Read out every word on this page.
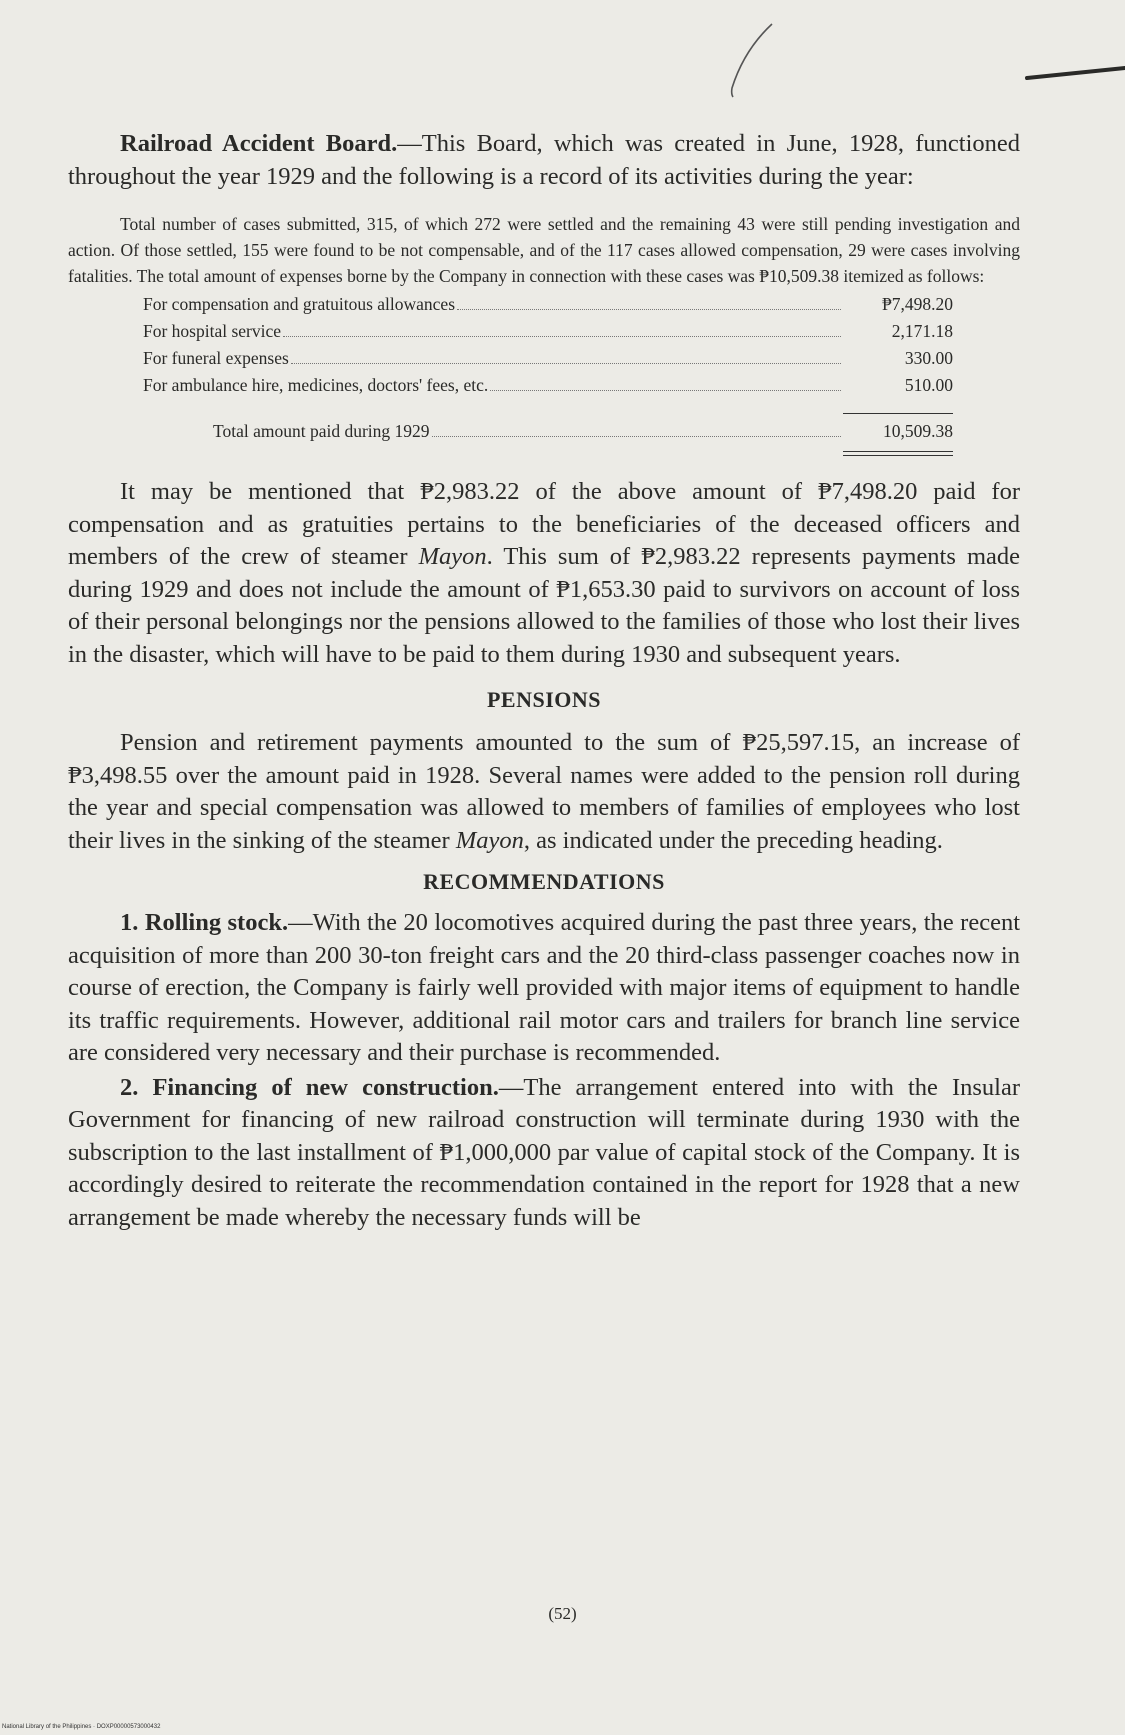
Railroad Accident Board.—This Board, which was created in June, 1928, functioned throughout the year 1929 and the following is a record of its activities during the year:

Total number of cases submitted, 315, of which 272 were settled and the remaining 43 were still pending investigation and action. Of those settled, 155 were found to be not compensable, and of the 117 cases allowed compensation, 29 were cases involving fatalities. The total amount of expenses borne by the Company in connection with these cases was ₱10,509.38 itemized as follows:

For compensation and gratuitous allowances	₱7,498.20
For hospital service	2,171.18
For funeral expenses	330.00
For ambulance hire, medicines, doctors' fees, etc.	510.00
Total amount paid during 1929	10,509.38

It may be mentioned that ₱2,983.22 of the above amount of ₱7,498.20 paid for compensation and as gratuities pertains to the beneficiaries of the deceased officers and members of the crew of steamer Mayon. This sum of ₱2,983.22 represents payments made during 1929 and does not include the amount of ₱1,653.30 paid to survivors on account of loss of their personal belongings nor the pensions allowed to the families of those who lost their lives in the disaster, which will have to be paid to them during 1930 and subsequent years.

PENSIONS

Pension and retirement payments amounted to the sum of ₱25,597.15, an increase of ₱3,498.55 over the amount paid in 1928. Several names were added to the pension roll during the year and special compensation was allowed to members of families of employees who lost their lives in the sinking of the steamer Mayon, as indicated under the preceding heading.

RECOMMENDATIONS

1. Rolling stock.—With the 20 locomotives acquired during the past three years, the recent acquisition of more than 200 30-ton freight cars and the 20 third-class passenger coaches now in course of erection, the Company is fairly well provided with major items of equipment to handle its traffic requirements. However, additional rail motor cars and trailers for branch line service are considered very necessary and their purchase is recommended.

2. Financing of new construction.—The arrangement entered into with the Insular Government for financing of new railroad construction will terminate during 1930 with the subscription to the last installment of ₱1,000,000 par value of capital stock of the Company. It is accordingly desired to reiterate the recommendation contained in the report for 1928 that a new arrangement be made whereby the necessary funds will be

(52)
National Library of the Philippines · DOXP00000573000432
